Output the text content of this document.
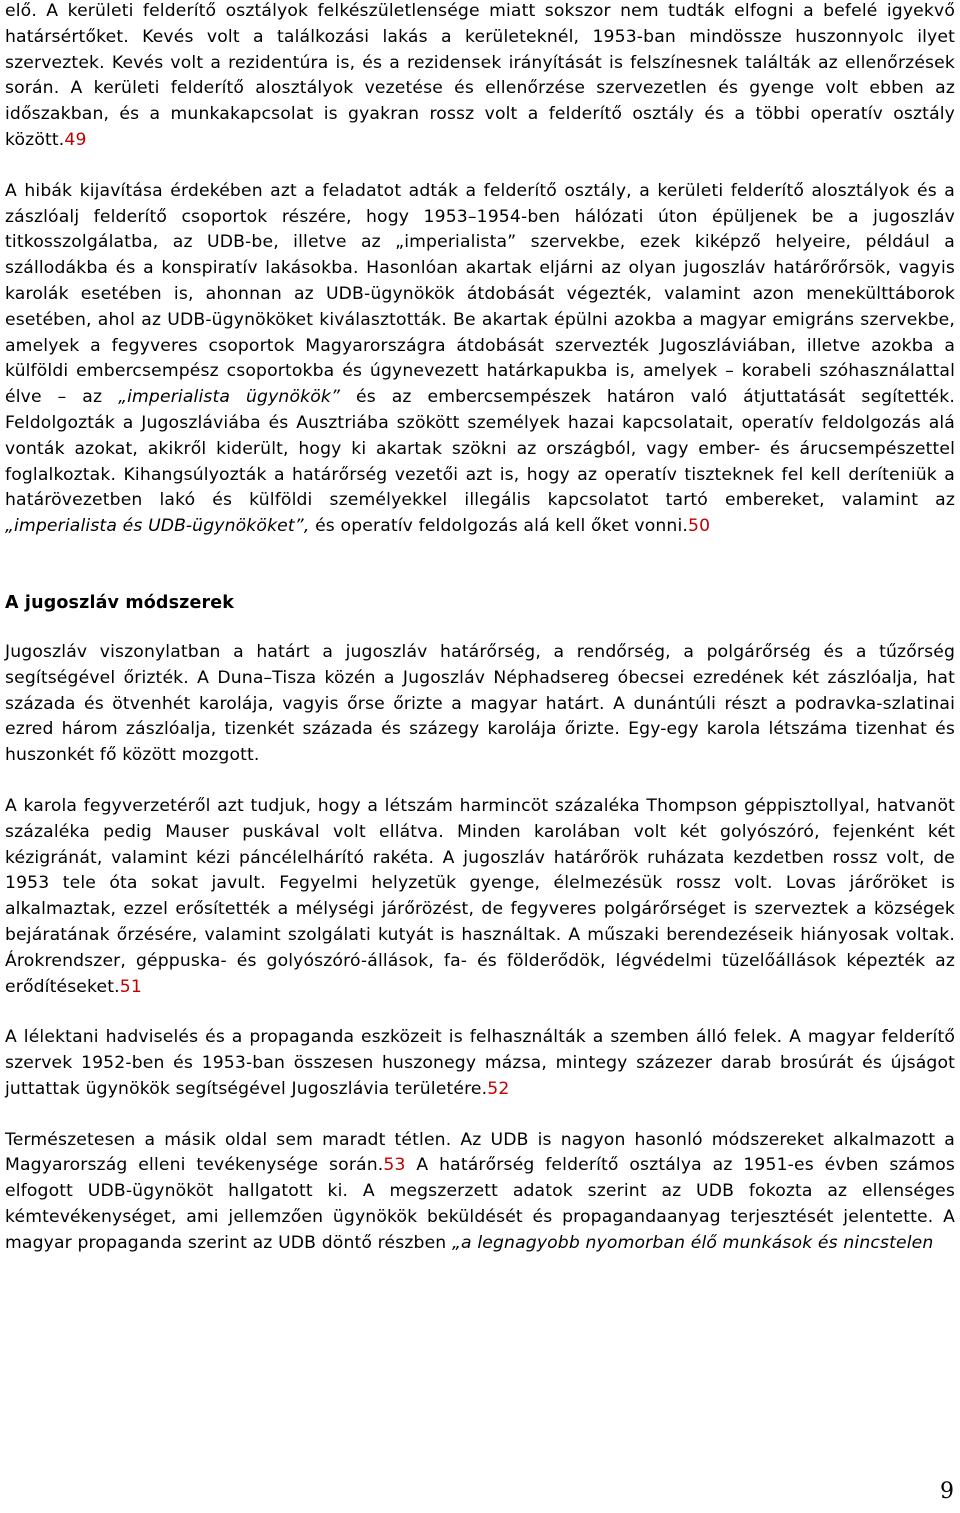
elő. A kerületi felderítő osztályok felkészületlensége miatt sokszor nem tudták elfogni a befelé igyekvő határsértőket. Kevés volt a találkozási lakás a kerületeknél, 1953-ban mindössze huszonnyolc ilyet szerveztek. Kevés volt a rezidentúra is, és a rezidensek irányítását is felszínesnek találták az ellenőrzések során. A kerületi felderítő alosztályok vezetése és ellenőrzése szervezetlen és gyenge volt ebben az időszakban, és a munkakapcsolat is gyakran rossz volt a felderítő osztály és a többi operatív osztály között.49

A hibák kijavítása érdekében azt a feladatot adták a felderítő osztály, a kerületi felderítő alosztályok és a zászlóalj felderítő csoportok részére, hogy 1953–1954-ben hálózati úton épüljenek be a jugoszláv titkosszolgálatba, az UDB-be, illetve az „imperialista” szervekbe, ezek kiképző helyeire, például a szállodákba és a konspiratív lakásokba. Hasonlóan akartak eljárni az olyan jugoszláv határőrőrsök, vagyis karolák esetében is, ahonnan az UDB-ügynökök átdobását végezték, valamint azon menekülttáborok esetében, ahol az UDB-ügynököket kiválasztották. Be akartak épülni azokba a magyar emigráns szervekbe, amelyek a fegyveres csoportok Magyarországra átdobását szervezték Jugoszláviában, illetve azokba a külföldi embercsempész csoportokba és úgynevezett határkapukba is, amelyek – korabeli szóhasználattal élve – az „imperialista ügynökök” és az embercsempészek határon való átjuttatását segítették. Feldolgozták a Jugoszláviába és Ausztriába szökött személyek hazai kapcsolatait, operatív feldolgozás alá vonták azokat, akikről kiderült, hogy ki akartak szökni az országból, vagy ember- és árucsempészettel foglalkoztak. Kihangsúlyozták a határőrség vezetői azt is, hogy az operatív tiszteknek fel kell deríteniük a határövezetben lakó és külföldi személyekkel illegális kapcsolatot tartó embereket, valamint az „imperialista és UDB-ügynököket”, és operatív feldolgozás alá kell őket vonni.50

A jugoszláv módszerek

Jugoszláv viszonylatban a határt a jugoszláv határőrség, a rendőrség, a polgárőrség és a tűzőrség segítségével őrizték. A Duna–Tisza közén a Jugoszláv Néphadsereg óbecsei ezredének két zászlóalja, hat százada és ötvenhét karolája, vagyis őrse őrizte a magyar határt. A dunántúli részt a podravka-szlatinai ezred három zászlóalja, tizenkét százada és százegy karolája őrizte. Egy-egy karola létszáma tizenhat és huszonkét fő között mozgott.

A karola fegyverzetéről azt tudjuk, hogy a létszám harmincöt százaléka Thompson géppisztollyal, hatvanöt százaléka pedig Mauser puskával volt ellátva. Minden karolában volt két golyószóró, fejenként két kézigránát, valamint kézi páncélelhárító rakéta. A jugoszláv határőrök ruházata kezdetben rossz volt, de 1953 tele óta sokat javult. Fegyelmi helyzetük gyenge, élelmezésük rossz volt. Lovas járőröket is alkalmaztak, ezzel erősítették a mélységi járőrözést, de fegyveres polgárőrséget is szerveztek a községek bejáratának őrzésére, valamint szolgálati kutyát is használtak. A műszaki berendezéseik hiányosak voltak. Árokrendszer, géppuska- és golyószóró-állások, fa- és földerődök, légvédelmi tüzelőállások képezték az erődítéseket.51

A lélektani hadviselés és a propaganda eszközeit is felhasználták a szemben álló felek. A magyar felderítő szervek 1952-ben és 1953-ban összesen huszonegy mázsa, mintegy százezer darab brosúrát és újságot juttattak ügynökök segítségével Jugoszlávia területére.52

Természetesen a másik oldal sem maradt tétlen. Az UDB is nagyon hasonló módszereket alkalmazott a Magyarország elleni tevékenysége során.53 A határőrség felderítő osztálya az 1951-es évben számos elfogott UDB-ügynököt hallgatott ki. A megszerzett adatok szerint az UDB fokozta az ellenséges kémtevékenységet, ami jellemzően ügynökök beküldését és propagandaanyag terjesztését jelentette. A magyar propaganda szerint az UDB döntő részben „a legnagyobb nyomorban élő munkások és nincstelen

9
